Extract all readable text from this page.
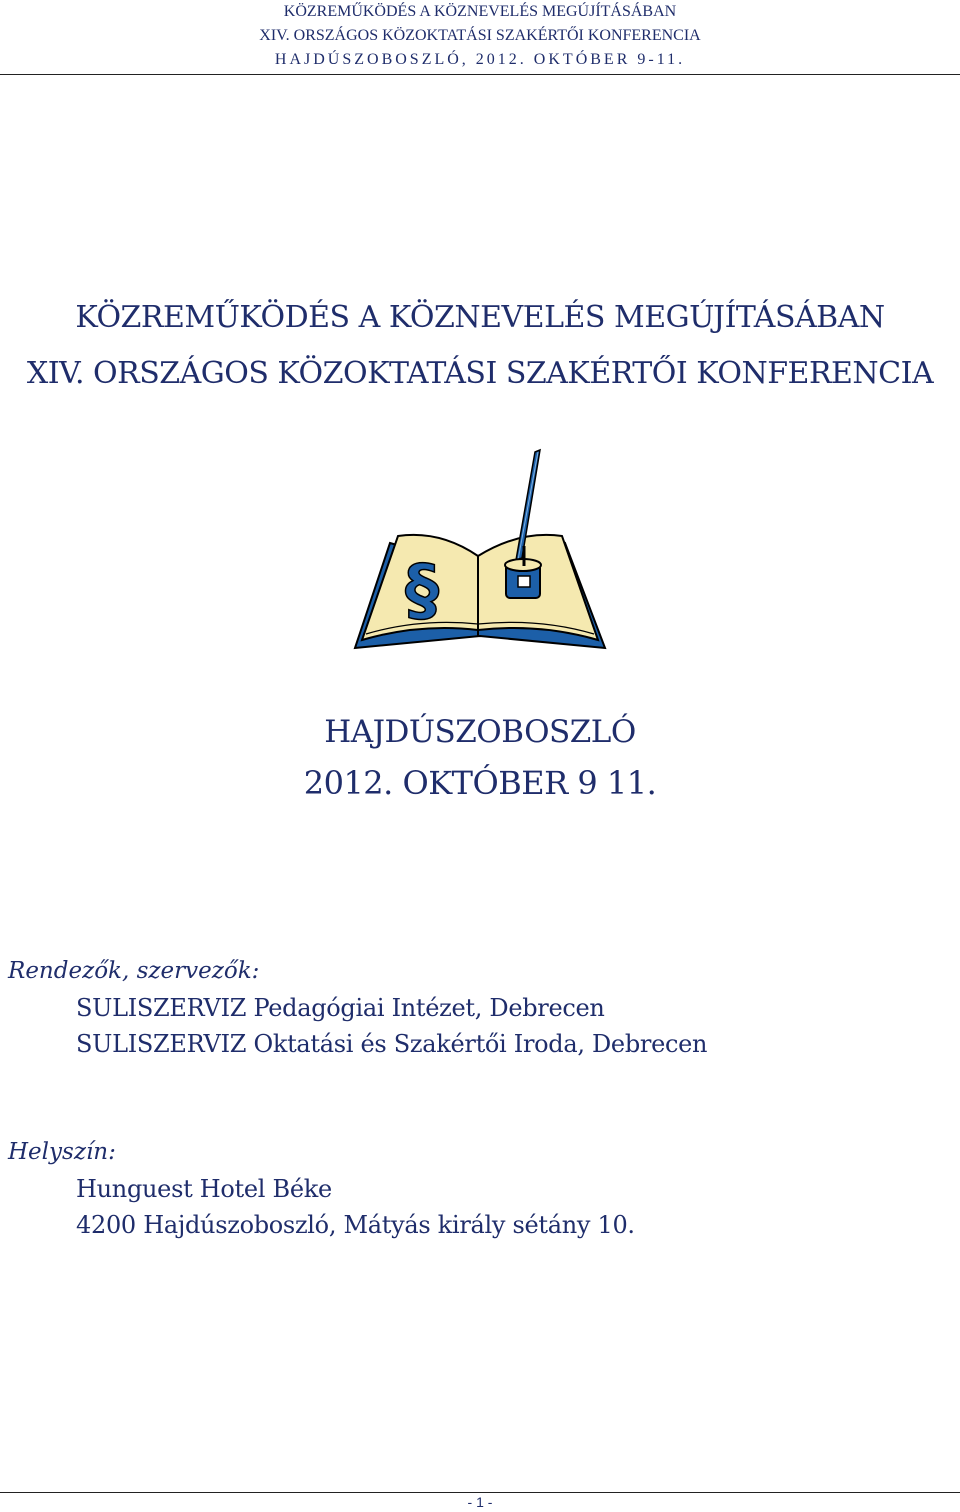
KÖZREMŰKÖDÉS A KÖZNEVELÉS MEGÚJÍTÁSÁBAN
XIV. ORSZÁGOS KÖZOKTATÁSI SZAKÉRTŐI KONFERENCIA
HAJDÚSZOBOSZLÓ, 2012. OKTÓBER 9-11.
KÖZREMŰKÖDÉS A KÖZNEVELÉS MEGÚJÍTÁSÁBAN
XIV. ORSZÁGOS KÖZOKTATÁSI SZAKÉRTŐI KONFERENCIA
§
HAJDÚSZOBOSZLÓ
2012. OKTÓBER 9 11.
Rendezők, szervezők:
SULISZERVIZ Pedagógiai Intézet, Debrecen
SULISZERVIZ Oktatási és Szakértői Iroda, Debrecen
Helyszín:
Hunguest Hotel Béke
4200 Hajdúszoboszló, Mátyás király sétány 10.
- 1 -
